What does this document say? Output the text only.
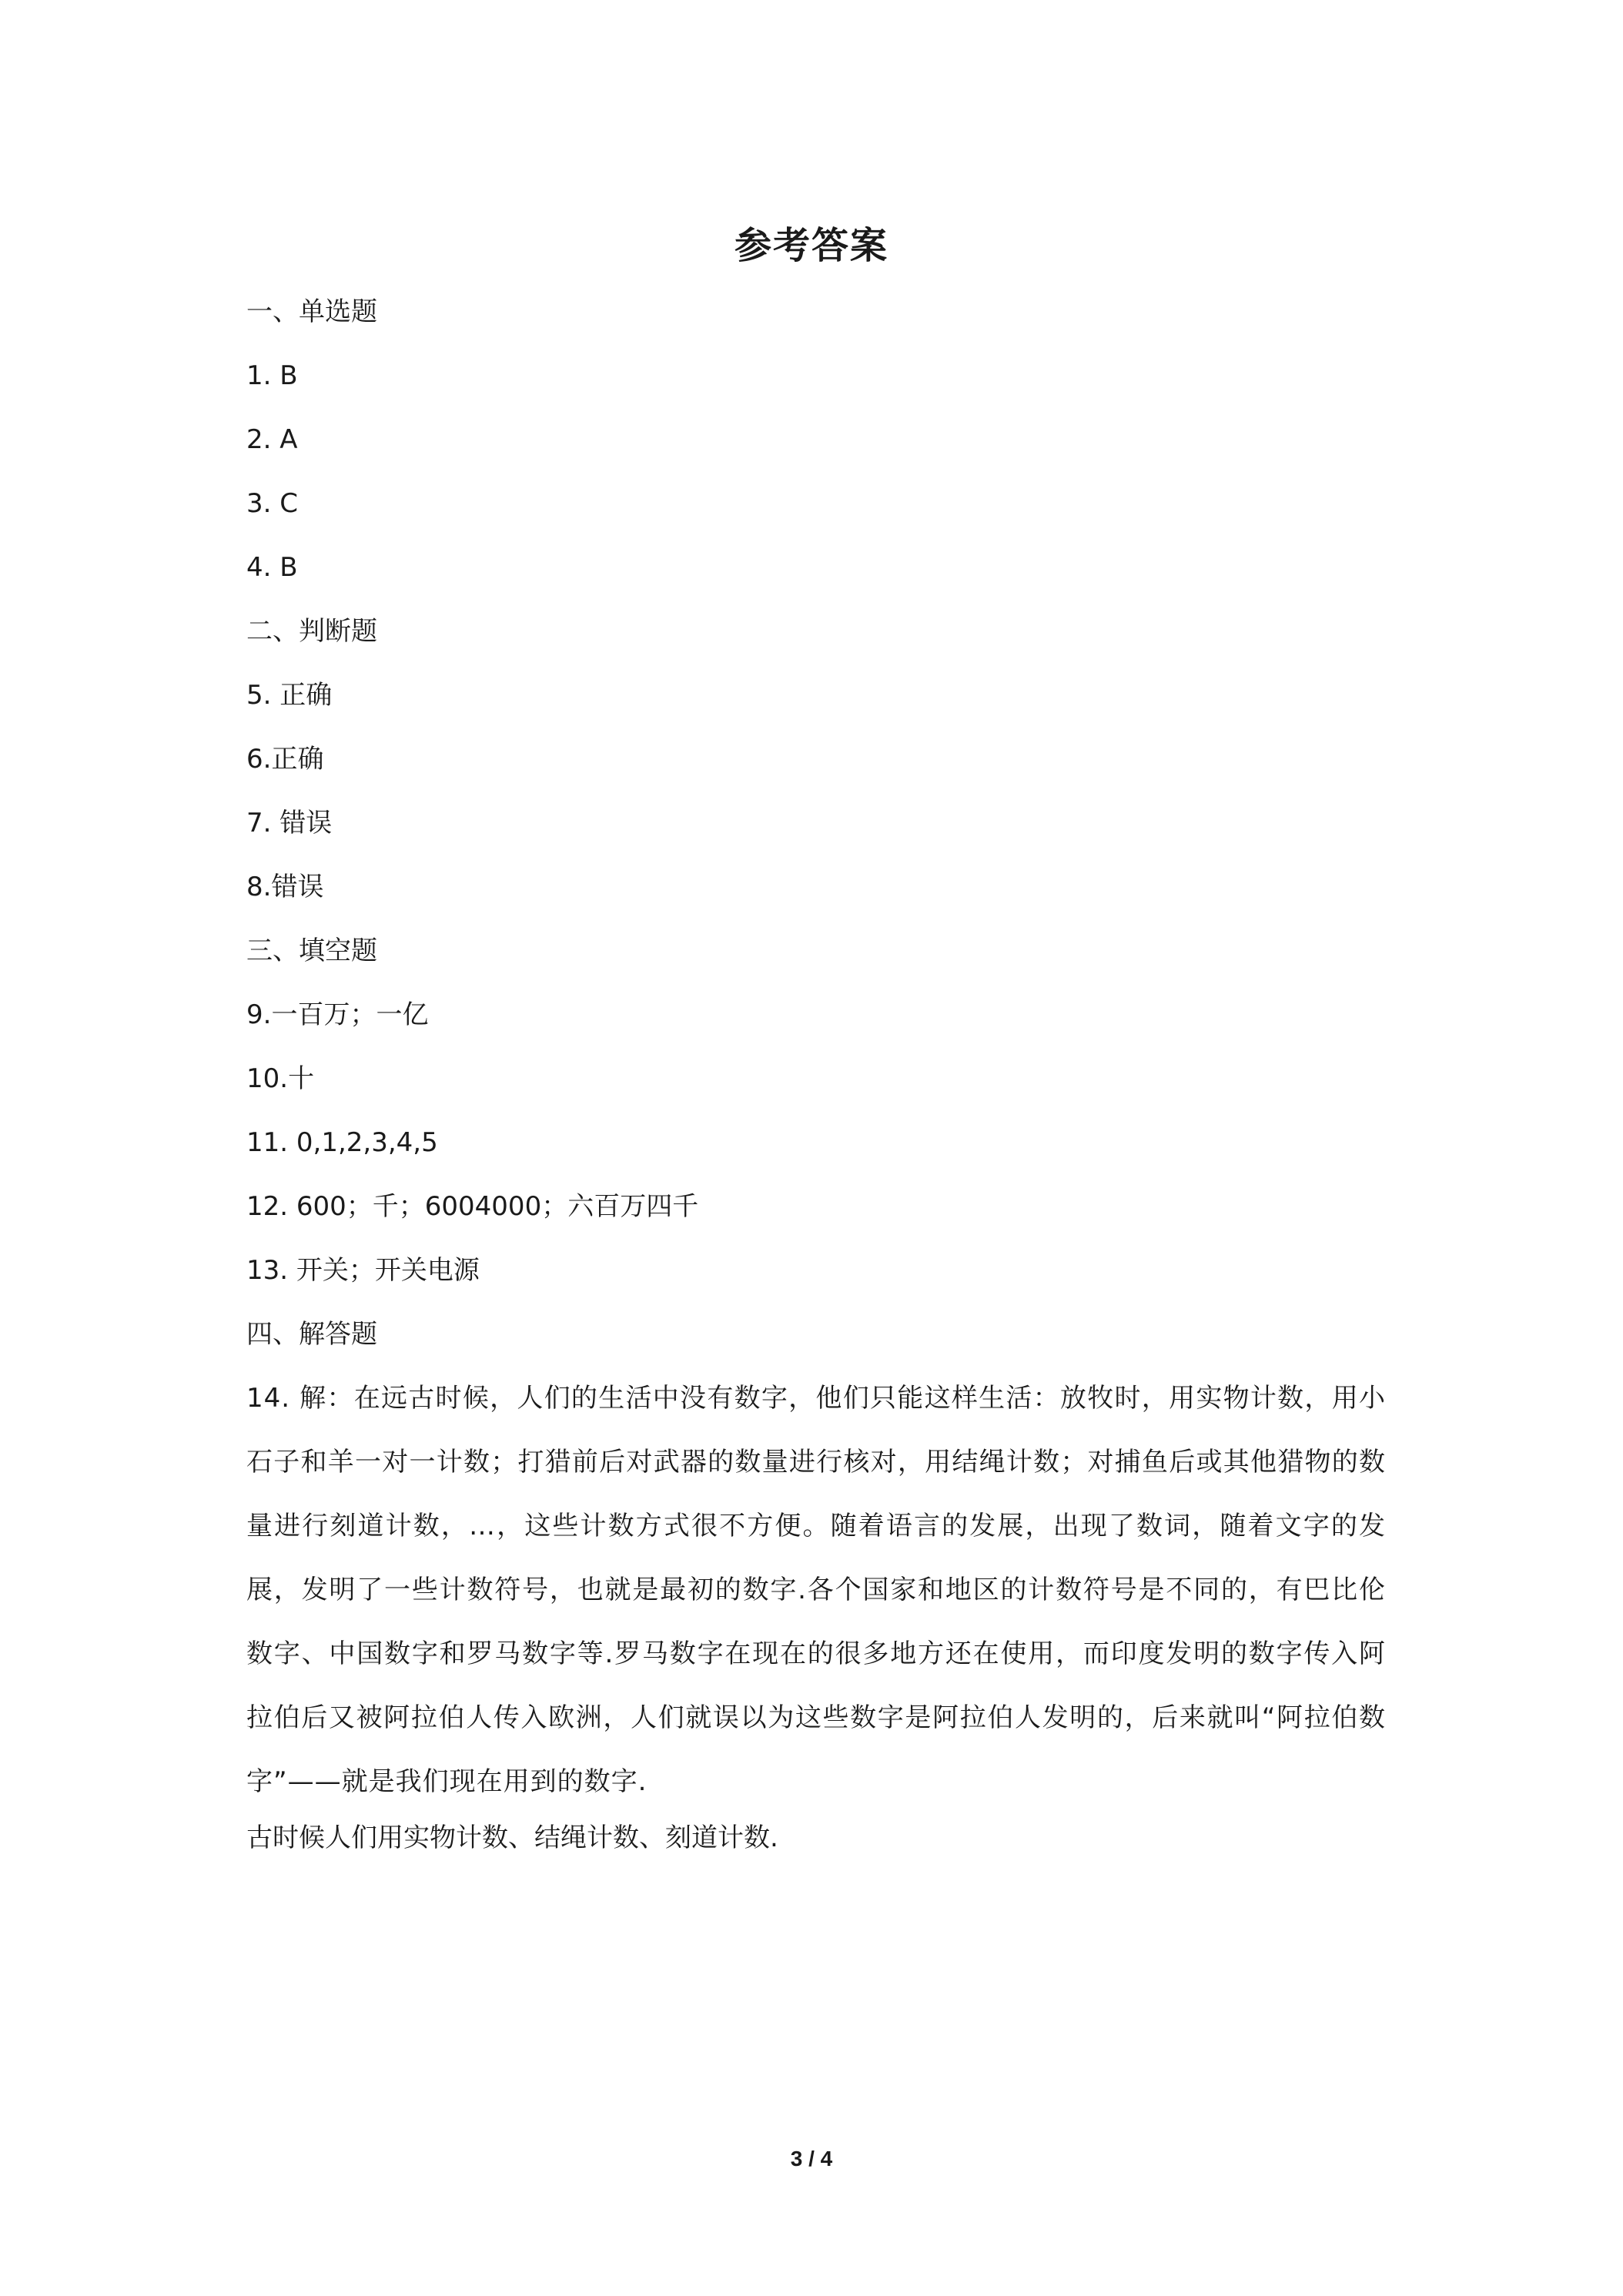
参考答案
一、单选题
1. B
2. A
3. C
4. B
二、判断题
5. 正确
6.正确
7. 错误
8.错误
三、填空题
9.一百万；一亿
10.十
11. 0,1,2,3,4,5
12. 600；千；6004000；六百万四千
13. 开关；开关电源
四、解答题
14. 解：在远古时候，人们的生活中没有数字，他们只能这样生活：放牧时，用实物计数，用小石子和羊一对一计数；打猎前后对武器的数量进行核对，用结绳计数；对捕鱼后或其他猎物的数量进行刻道计数，…，这些计数方式很不方便。随着语言的发展，出现了数词，随着文字的发展，发明了一些计数符号，也就是最初的数字.各个国家和地区的计数符号是不同的，有巴比伦数字、中国数字和罗马数字等.罗马数字在现在的很多地方还在使用，而印度发明的数字传入阿拉伯后又被阿拉伯人传入欧洲，人们就误以为这些数字是阿拉伯人发明的，后来就叫“阿拉伯数字”——就是我们现在用到的数字.
古时候人们用实物计数、结绳计数、刻道计数.
3 / 4
